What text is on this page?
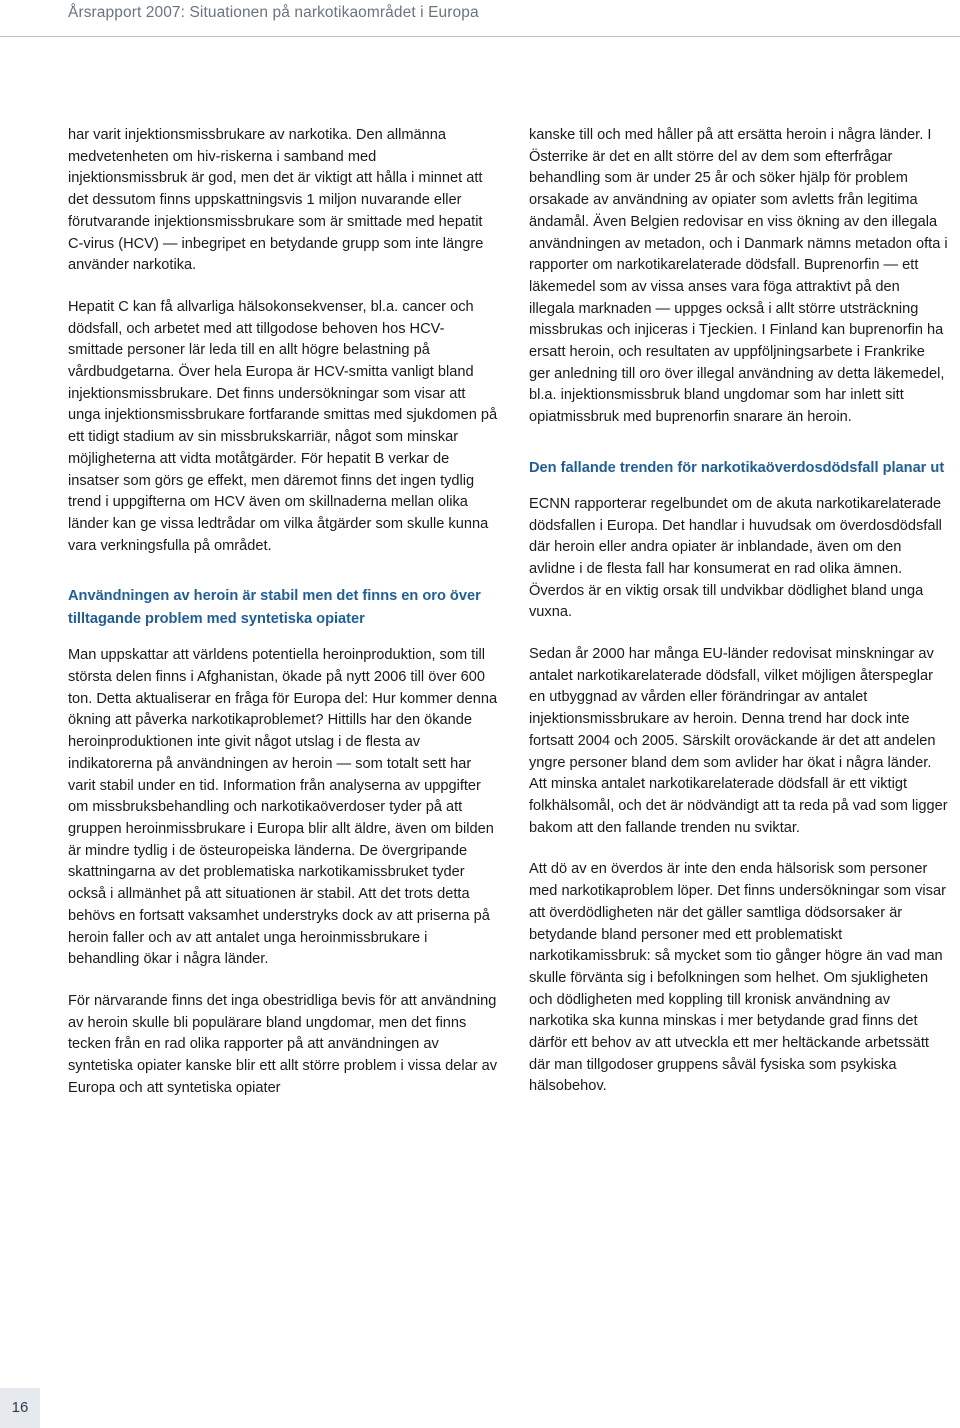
Årsrapport 2007: Situationen på narkotikaområdet i Europa

har varit injektionsmissbrukare av narkotika. Den allmänna medvetenheten om hiv-riskerna i samband med injektionsmissbruk är god, men det är viktigt att hålla i minnet att det dessutom finns uppskattningsvis 1 miljon nuvarande eller förutvarande injektionsmissbrukare som är smittade med hepatit C-virus (HCV) — inbegripet en betydande grupp som inte längre använder narkotika.

Hepatit C kan få allvarliga hälsokonsekvenser, bl.a. cancer och dödsfall, och arbetet med att tillgodose behoven hos HCV-smittade personer lär leda till en allt högre belastning på vårdbudgetarna. Över hela Europa är HCV-smitta vanligt bland injektionsmissbrukare. Det finns undersökningar som visar att unga injektionsmissbrukare fortfarande smittas med sjukdomen på ett tidigt stadium av sin missbrukskarriär, något som minskar möjligheterna att vidta motåtgärder. För hepatit B verkar de insatser som görs ge effekt, men däremot finns det ingen tydlig trend i uppgifterna om HCV även om skillnaderna mellan olika länder kan ge vissa ledtrådar om vilka åtgärder som skulle kunna vara verkningsfulla på området.

Användningen av heroin är stabil men det finns en oro över tilltagande problem med syntetiska opiater

Man uppskattar att världens potentiella heroinproduktion, som till största delen finns i Afghanistan, ökade på nytt 2006 till över 600 ton. Detta aktualiserar en fråga för Europa del: Hur kommer denna ökning att påverka narkotikaproblemet? Hittills har den ökande heroinproduktionen inte givit något utslag i de flesta av indikatorerna på användningen av heroin — som totalt sett har varit stabil under en tid. Information från analyserna av uppgifter om missbruksbehandling och narkotikaöverdoser tyder på att gruppen heroinmissbrukare i Europa blir allt äldre, även om bilden är mindre tydlig i de östeuropeiska länderna. De övergripande skattningarna av det problematiska narkotikamissbruket tyder också i allmänhet på att situationen är stabil. Att det trots detta behövs en fortsatt vaksamhet understryks dock av att priserna på heroin faller och av att antalet unga heroinmissbrukare i behandling ökar i några länder.

För närvarande finns det inga obestridliga bevis för att användning av heroin skulle bli populärare bland ungdomar, men det finns tecken från en rad olika rapporter på att användningen av syntetiska opiater kanske blir ett allt större problem i vissa delar av Europa och att syntetiska opiater

kanske till och med håller på att ersätta heroin i några länder. I Österrike är det en allt större del av dem som efterfrågar behandling som är under 25 år och söker hjälp för problem orsakade av användning av opiater som avletts från legitima ändamål. Även Belgien redovisar en viss ökning av den illegala användningen av metadon, och i Danmark nämns metadon ofta i rapporter om narkotikarelaterade dödsfall. Buprenorfin — ett läkemedel som av vissa anses vara föga attraktivt på den illegala marknaden — uppges också i allt större utsträckning missbrukas och injiceras i Tjeckien. I Finland kan buprenorfin ha ersatt heroin, och resultaten av uppföljningsarbete i Frankrike ger anledning till oro över illegal användning av detta läkemedel, bl.a. injektionsmissbruk bland ungdomar som har inlett sitt opiatmissbruk med buprenorfin snarare än heroin.

Den fallande trenden för narkotikaöverdosdödsfall planar ut

ECNN rapporterar regelbundet om de akuta narkotikarelaterade dödsfallen i Europa. Det handlar i huvudsak om överdosdödsfall där heroin eller andra opiater är inblandade, även om den avlidne i de flesta fall har konsumerat en rad olika ämnen. Överdos är en viktig orsak till undvikbar dödlighet bland unga vuxna.

Sedan år 2000 har många EU-länder redovisat minskningar av antalet narkotikarelaterade dödsfall, vilket möjligen återspeglar en utbyggnad av vården eller förändringar av antalet injektionsmissbrukare av heroin. Denna trend har dock inte fortsatt 2004 och 2005. Särskilt oroväckande är det att andelen yngre personer bland dem som avlider har ökat i några länder. Att minska antalet narkotikarelaterade dödsfall är ett viktigt folkhälsomål, och det är nödvändigt att ta reda på vad som ligger bakom att den fallande trenden nu sviktar.

Att dö av en överdos är inte den enda hälsorisk som personer med narkotikaproblem löper. Det finns undersökningar som visar att överdödligheten när det gäller samtliga dödsorsaker är betydande bland personer med ett problematiskt narkotikamissbruk: så mycket som tio gånger högre än vad man skulle förvänta sig i befolkningen som helhet. Om sjukligheten och dödligheten med koppling till kronisk användning av narkotika ska kunna minskas i mer betydande grad finns det därför ett behov av att utveckla ett mer heltäckande arbetssätt där man tillgodoser gruppens såväl fysiska som psykiska hälsobehov.

16
